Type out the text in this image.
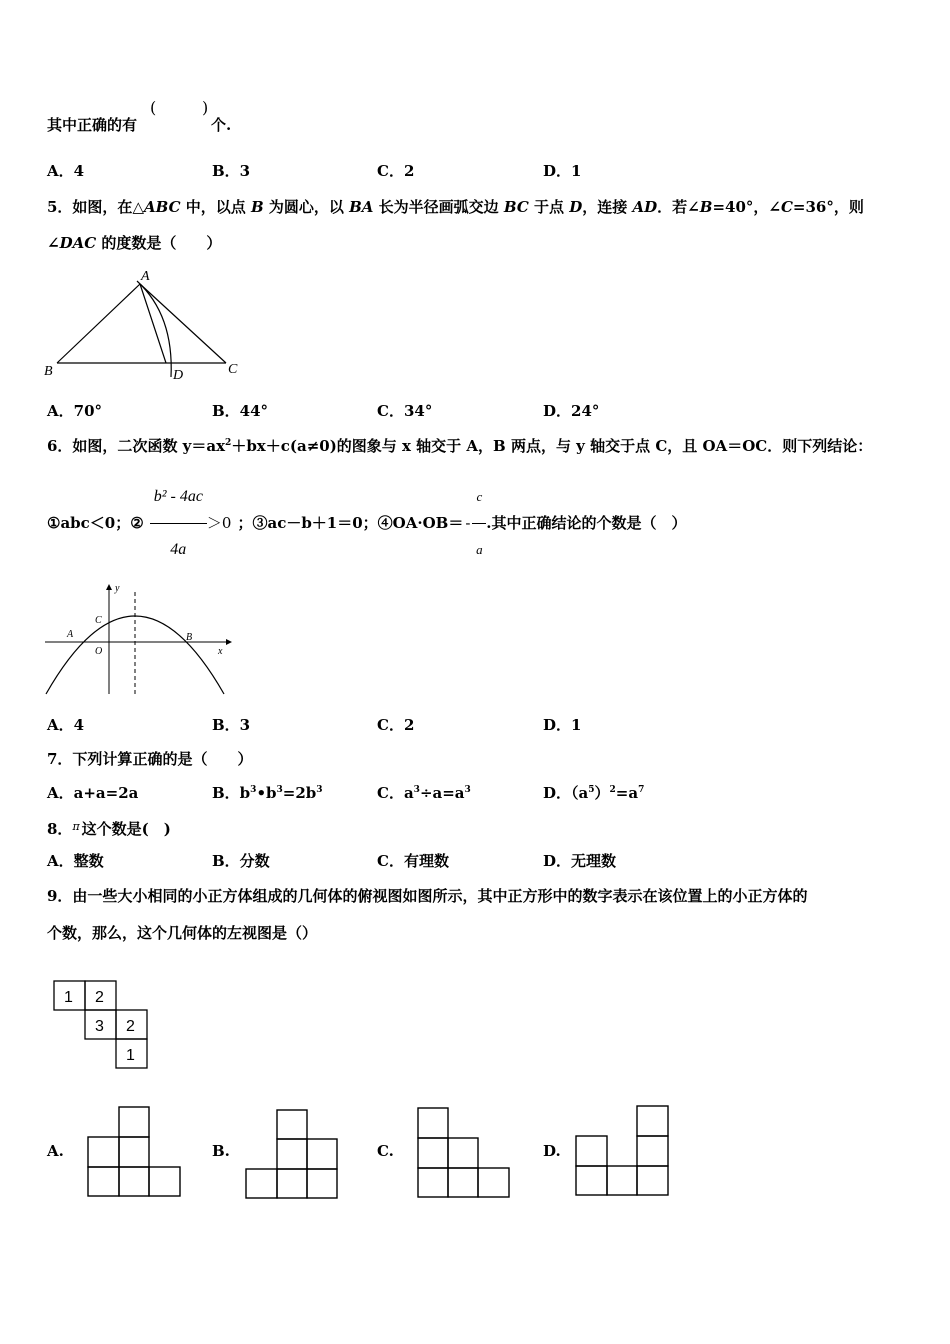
其中正确的有
(	)
个.
A．4	B．3	C．2	D．1
5．如图，在△ABC 中，以点 B 为圆心，以 BA 长为半径画弧交边 BC 于点 D，连接 AD．若∠B=40°，∠C=36°，则
∠DAC 的度数是（　　）
A
B	C
D
A．70°	B．44°	C．34°	D．24°
6．如图，二次函数 $y=ax^2+bx+c(a\ne 0)$的图象与 x 轴交于 A，B 两点，与 y 轴交于点 C，且 OA＝OC．则下列结论：
①abc＜0；② $\frac{\text{b² - 4ac}}{4a} >0$ ；③ac－b＋1＝0；④OA·OB＝ - $\frac{c}{a}$ .其中正确结论的个数是（　）
y
x
A	B
C
O
A．4	B．3	C．2	D．1
7．下列计算正确的是（　　）
A．a+a=2a	B．$b^3•b^3=2b^3$	C．$a^3\div a=a^3$	D．$(a^5)^2=a^7$
8．$^\pi$ 这个数是(　)
A．整数	B．分数	C．有理数	D．无理数
9．由一些大小相同的小正方体组成的几何体的俯视图如图所示，其中正方形中的数字表示在该位置上的小正方体的
个数，那么，这个几何体的左视图是（）
1 2
3 2
1
A.	B.	C.	D.
